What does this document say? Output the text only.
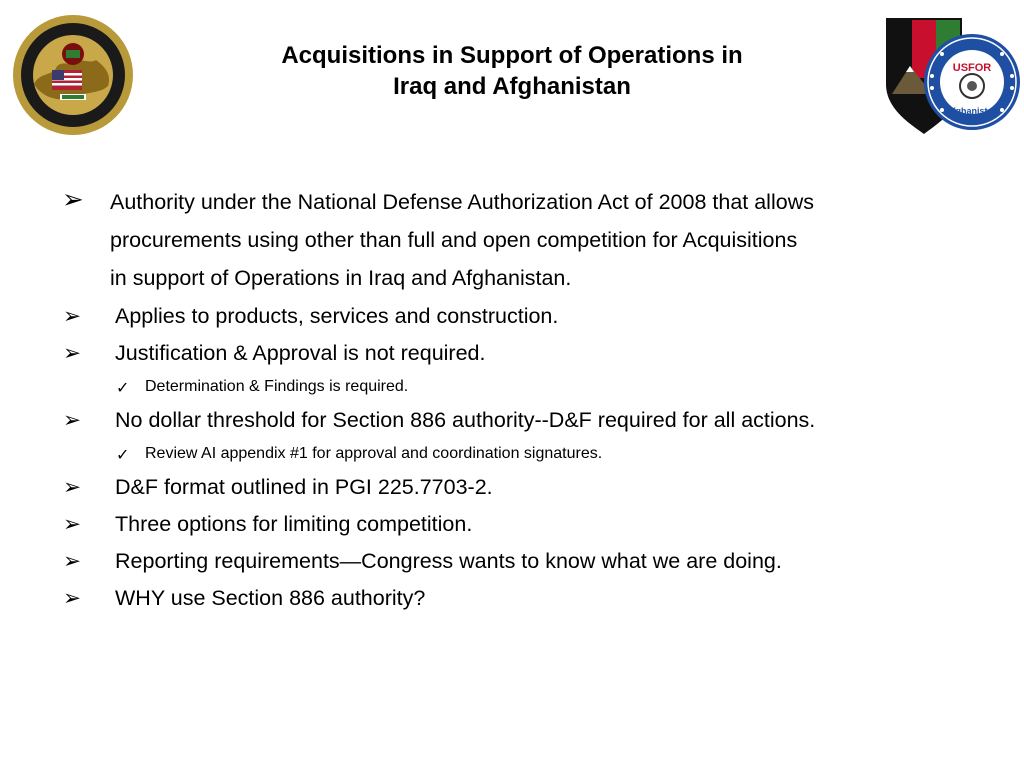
Acquisitions in Support of Operations in
Iraq and Afghanistan
USFOR
Afghanistan
➢ Authority under the National Defense Authorization Act of 2008 that allows
procurements using other than full and open competition for Acquisitions
in support of Operations in Iraq and Afghanistan.
➢ Applies to products, services and construction.
➢ Justification & Approval is not required.
✓ Determination & Findings is required.
➢ No dollar threshold for Section 886 authority--D&F required for all actions.
✓ Review AI appendix #1 for approval and coordination signatures.
➢ D&F format outlined in PGI 225.7703-2.
➢ Three options for limiting competition.
➢ Reporting requirements—Congress wants to know what we are doing.
➢ WHY use Section 886 authority?
